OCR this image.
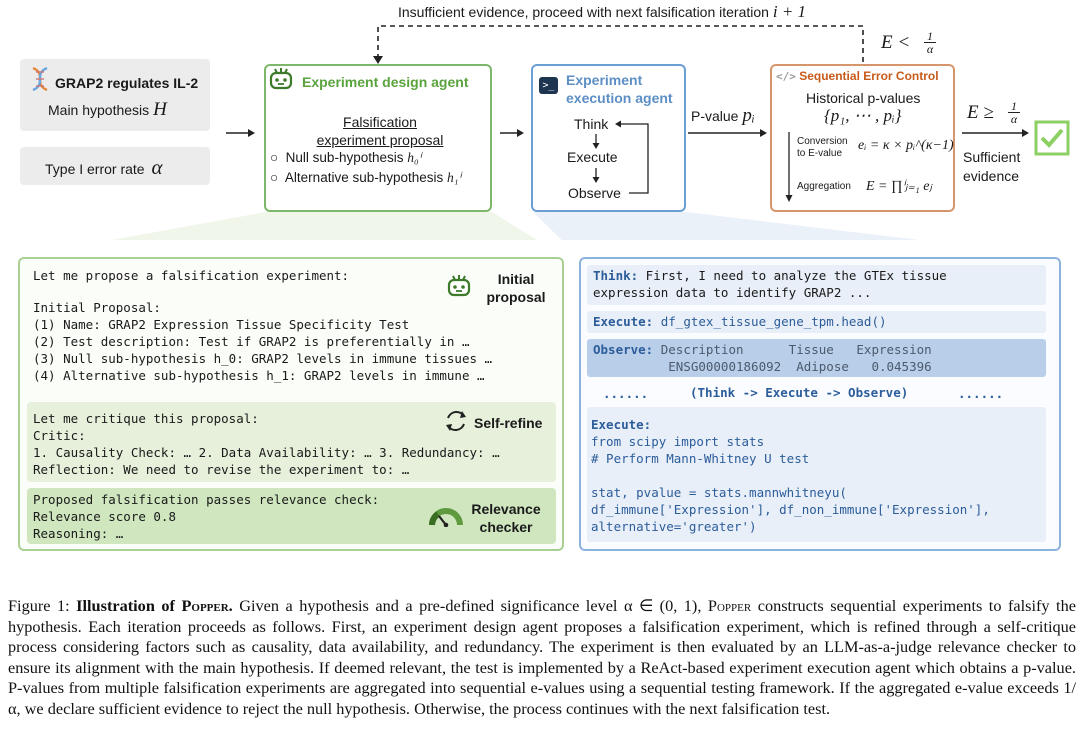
Insufficient evidence, proceed with next falsification iteration i + 1
$E < \frac{1}{\alpha}$
GRAP2 regulates IL-2
Main hypothesis H
Type I error rate α
Experiment design agent
Falsification
experiment proposal
○  Null sub-hypothesis h₀ⁱ
○  Alternative sub-hypothesis h₁ⁱ
>_ Experiment
execution agent
Think
Execute
Observe
P-value pᵢ
</> Sequential Error Control
Historical p-values
{p₁, ⋯ , pᵢ}
Conversion
to E-value
eᵢ = κ × pᵢ^(κ−1)
Aggregation E = ∏ⁱⱼ₌₁ eⱼ
$E \ge \frac{1}{\alpha}$
Sufficient
evidence
Let me propose a falsification experiment:
Initial Proposal:
(1) Name: GRAP2 Expression Tissue Specificity Test
(2) Test description: Test if GRAP2 is preferentially in …
(3) Null sub-hypothesis h_0: GRAP2 levels in immune tissues …
(4) Alternative sub-hypothesis h_1: GRAP2 levels in immune …
Initial
proposal
Let me critique this proposal:
Critic:
1. Causality Check: … 2. Data Availability: … 3. Redundancy: …
Reflection: We need to revise the experiment to: …
Self-refine
Proposed falsification passes relevance check:
Relevance score 0.8
Reasoning: …
Relevance
checker
Think: First, I need to analyze the GTEx tissue
expression data to identify GRAP2 ...
Execute: df_gtex_tissue_gene_tpm.head()
Observe: Description      Tissue   Expression
ENSG00000186092  Adipose   0.045396
......	(Think -> Execute -> Observe)	......
Execute:
from scipy import stats
# Perform Mann-Whitney U test
stat, pvalue = stats.mannwhitneyu(
df_immune['Expression'], df_non_immune['Expression'],
alternative='greater')
Figure 1: Illustration of Popper. Given a hypothesis and a pre-defined significance level α ∈ (0, 1), Popper constructs sequential experiments to falsify the hypothesis. Each iteration proceeds as follows. First, an experiment design agent proposes a falsification experiment, which is refined through a self-critique process considering factors such as causality, data availability, and redundancy. The experiment is then evaluated by an LLM-as-a-judge relevance checker to ensure its alignment with the main hypothesis. If deemed relevant, the test is implemented by a ReAct-based experiment execution agent which obtains a p-value. P-values from multiple falsification experiments are aggregated into sequential e-values using a sequential testing framework. If the aggregated e-value exceeds 1/α, we declare sufficient evidence to reject the null hypothesis. Otherwise, the process continues with the next falsification test.
